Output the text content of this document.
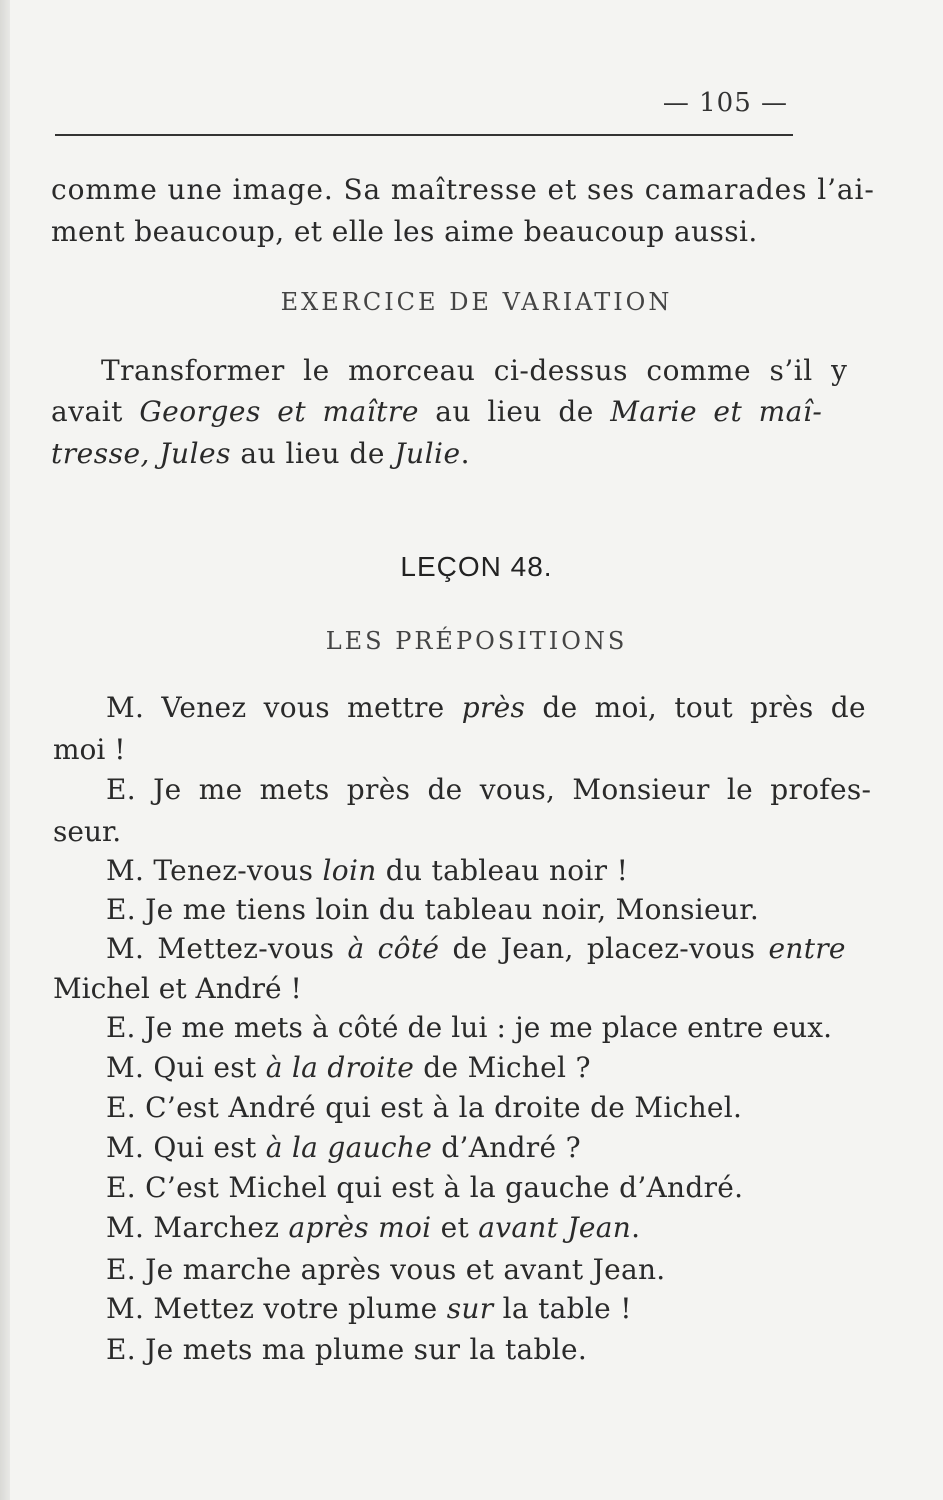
— 105 —
comme une image. Sa maîtresse et ses camarades l’ai-
ment beaucoup, et elle les aime beaucoup aussi.
EXERCICE DE VARIATION
Transformer le morceau ci-dessus comme s’il y
avait Georges et maître au lieu de Marie et maî-
tresse, Jules au lieu de Julie.
LEÇON 48.
LES PRÉPOSITIONS
M. Venez vous mettre près de moi, tout près de
moi !
E. Je me mets près de vous, Monsieur le profes-
seur.
M. Tenez-vous loin du tableau noir !
E. Je me tiens loin du tableau noir, Monsieur.
M. Mettez-vous à côté de Jean, placez-vous entre
Michel et André !
E. Je me mets à côté de lui : je me place entre eux.
M. Qui est à la droite de Michel ?
E. C’est André qui est à la droite de Michel.
M. Qui est à la gauche d’André ?
E. C’est Michel qui est à la gauche d’André.
M. Marchez après moi et avant Jean.
E. Je marche après vous et avant Jean.
M. Mettez votre plume sur la table !
E. Je mets ma plume sur la table.
